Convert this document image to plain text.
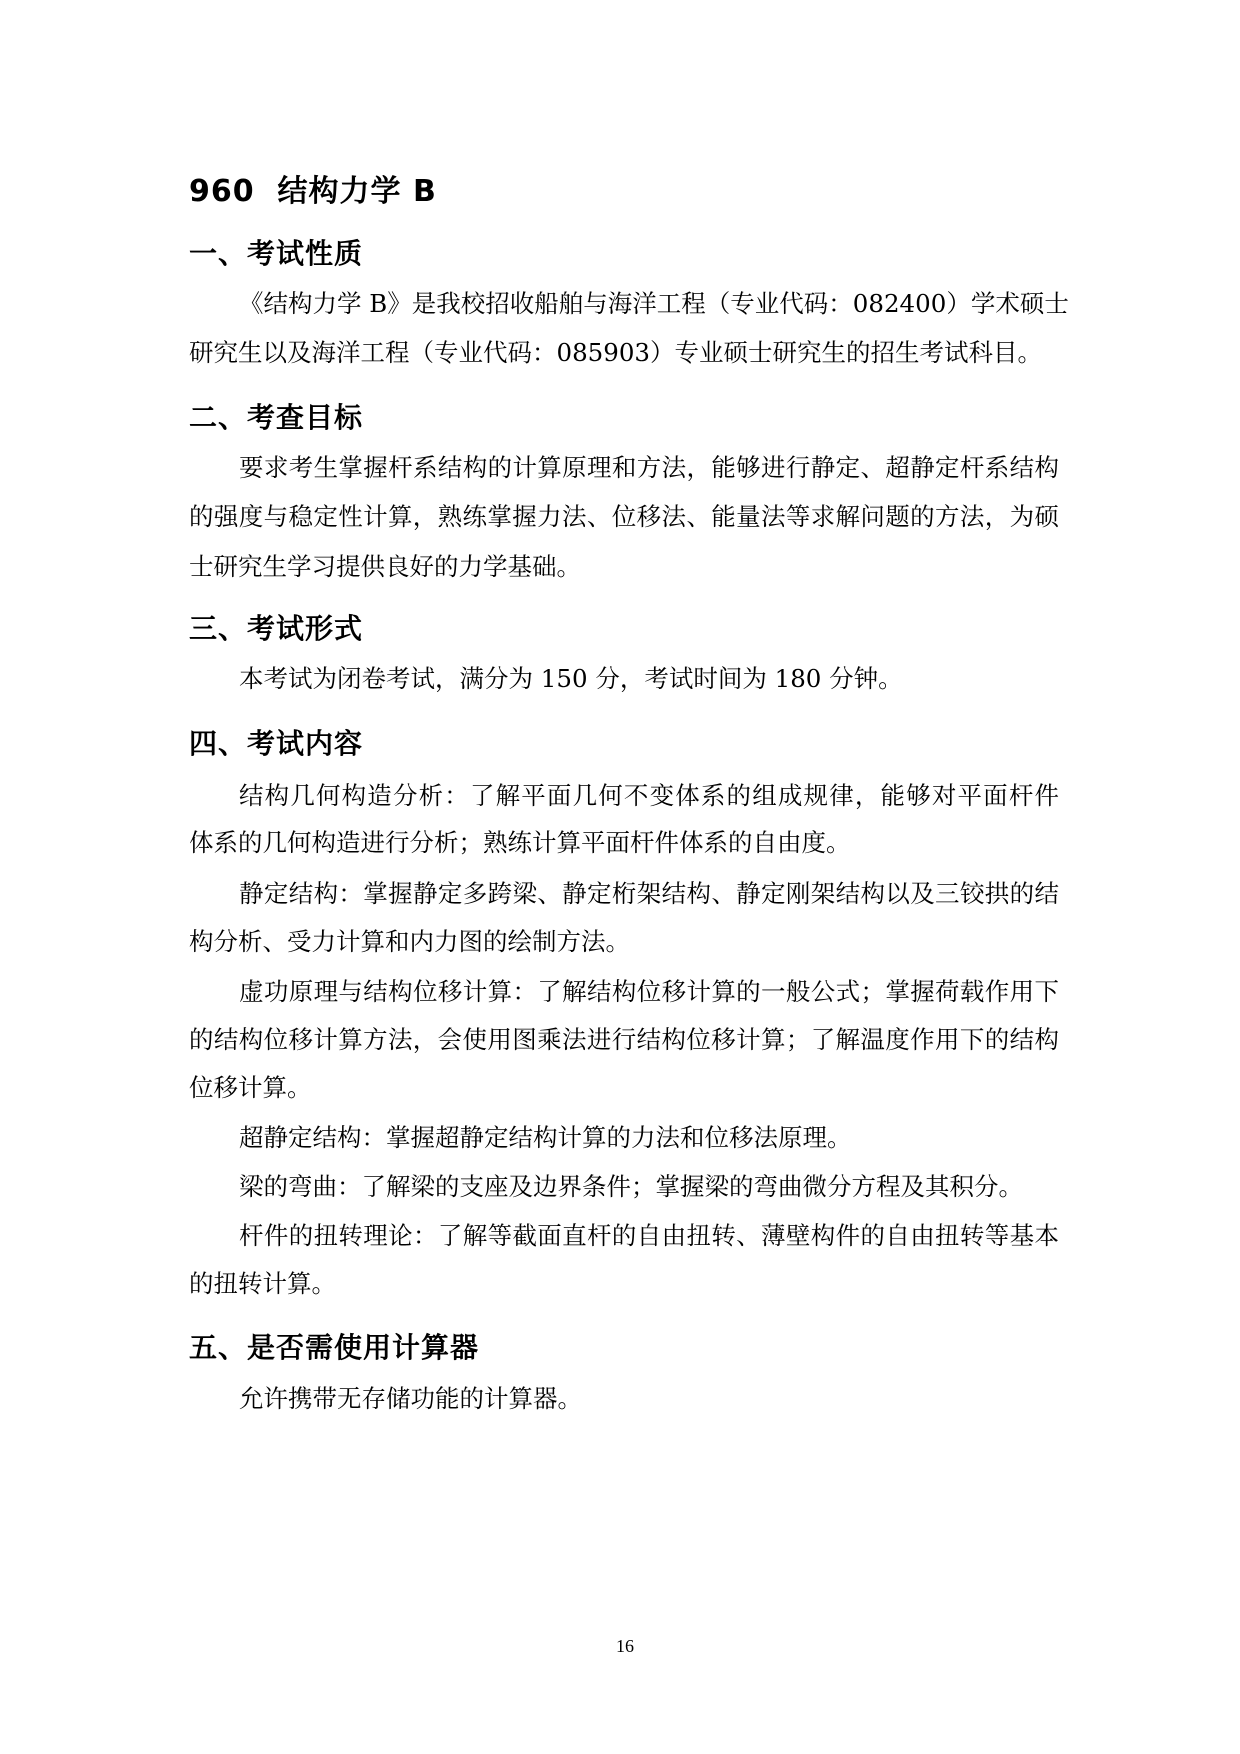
960  结构力学 B
一、考试性质
《结构力学 B》是我校招收船舶与海洋工程（专业代码：082400）学术硕士
研究生以及海洋工程（专业代码：085903）专业硕士研究生的招生考试科目。
二、考查目标
要求考生掌握杆系结构的计算原理和方法，能够进行静定、超静定杆系结构
的强度与稳定性计算，熟练掌握力法、位移法、能量法等求解问题的方法，为硕
士研究生学习提供良好的力学基础。
三、考试形式
本考试为闭卷考试，满分为 150 分，考试时间为 180 分钟。
四、考试内容
结构几何构造分析：了解平面几何不变体系的组成规律，能够对平面杆件
体系的几何构造进行分析；熟练计算平面杆件体系的自由度。
静定结构：掌握静定多跨梁、静定桁架结构、静定刚架结构以及三铰拱的结
构分析、受力计算和内力图的绘制方法。
虚功原理与结构位移计算：了解结构位移计算的一般公式；掌握荷载作用下
的结构位移计算方法，会使用图乘法进行结构位移计算；了解温度作用下的结构
位移计算。
超静定结构：掌握超静定结构计算的力法和位移法原理。
梁的弯曲：了解梁的支座及边界条件；掌握梁的弯曲微分方程及其积分。
杆件的扭转理论：了解等截面直杆的自由扭转、薄壁构件的自由扭转等基本
的扭转计算。
五、是否需使用计算器
允许携带无存储功能的计算器。
16
